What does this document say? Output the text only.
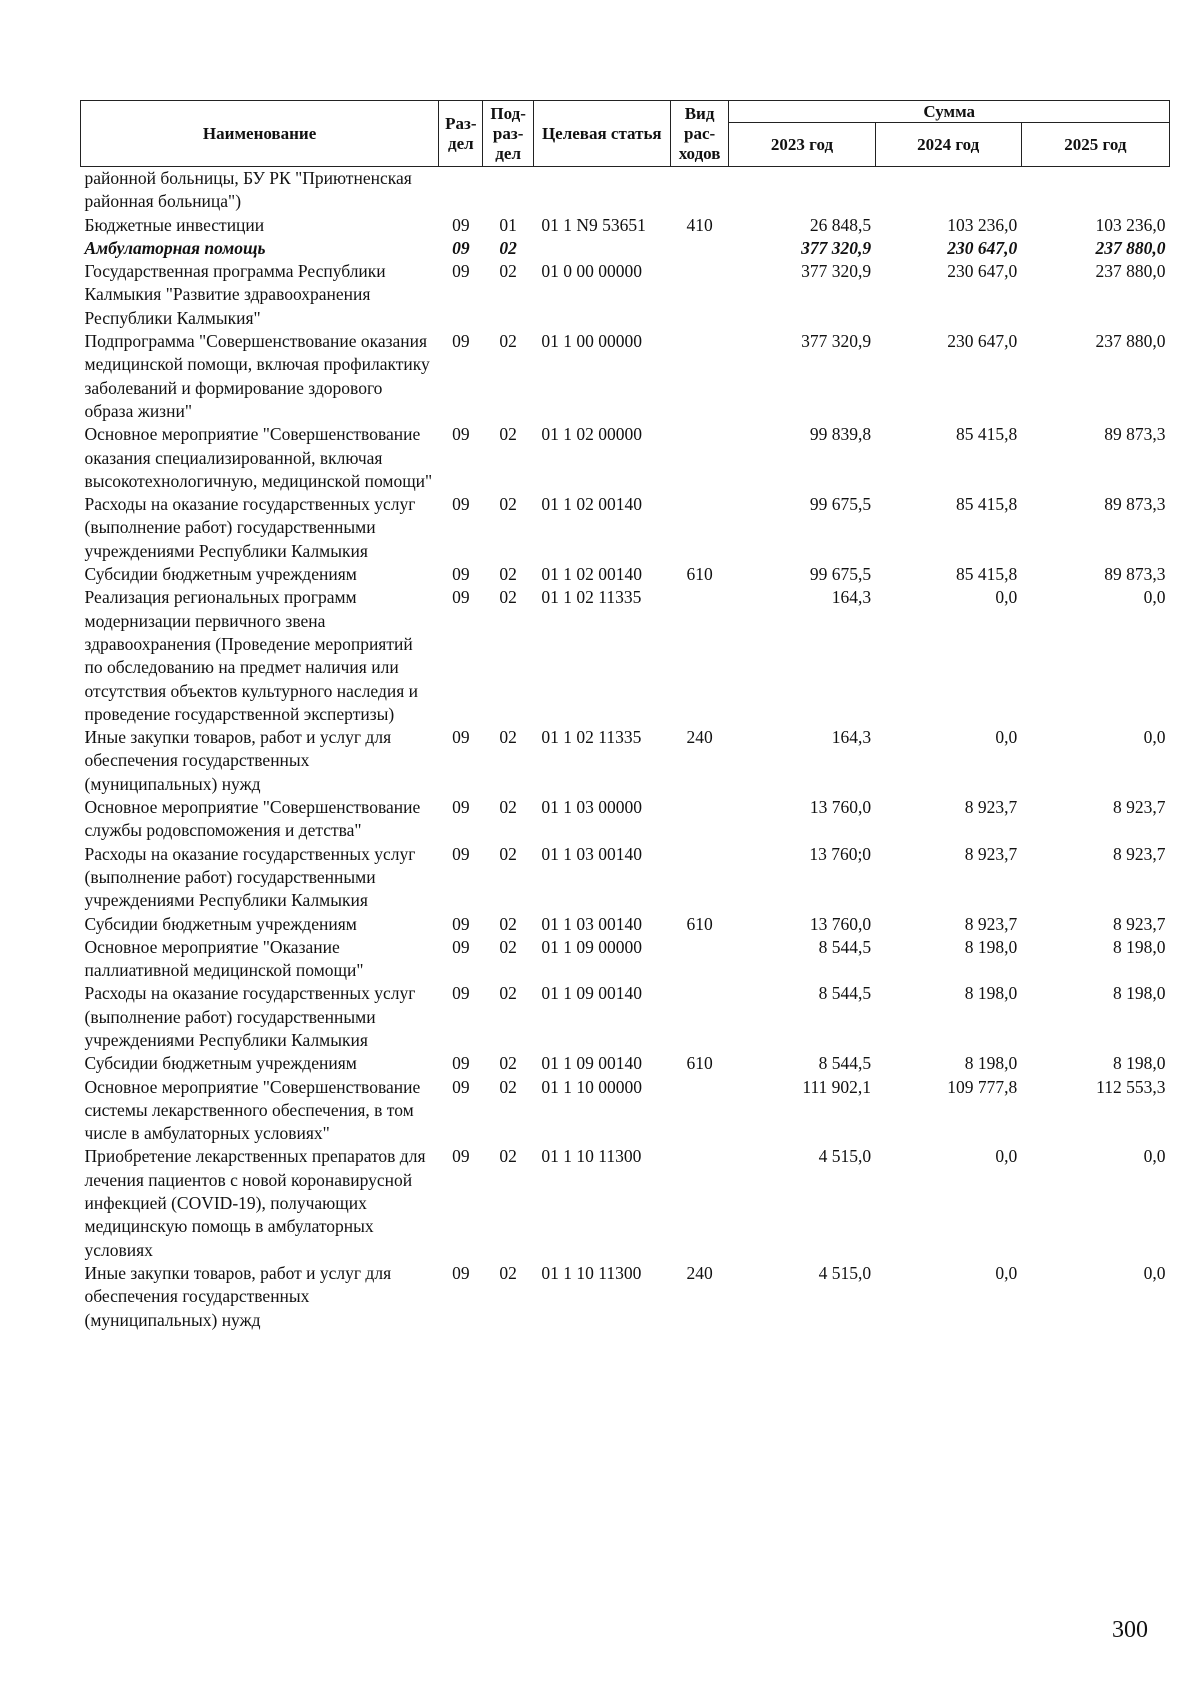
Наименование	Раз-дел	Под-раз-дел	Целевая статья	Вид рас-ходов	Сумма		
					2023 год	2024 год	2025 год
районной больницы, БУ РК "Приютненская районная больница")							
Бюджетные инвестиции	09	01	01 1 N9 53651	410	26 848,5	103 236,0	103 236,0
Амбулаторная помощь	09	02			377 320,9	230 647,0	237 880,0
Государственная программа Республики Калмыкия "Развитие здравоохранения Республики Калмыкия"	09	02	01 0 00 00000		377 320,9	230 647,0	237 880,0
Подпрограмма "Совершенствование оказания медицинской помощи, включая профилактику заболеваний и формирование здорового образа жизни"	09	02	01 1 00 00000		377 320,9	230 647,0	237 880,0
Основное мероприятие "Совершенствование оказания специализированной, включая высокотехнологичную, медицинской помощи"	09	02	01 1 02 00000		99 839,8	85 415,8	89 873,3
Расходы на оказание государственных услуг (выполнение работ) государственными учреждениями Республики Калмыкия	09	02	01 1 02 00140		99 675,5	85 415,8	89 873,3
Субсидии бюджетным учреждениям	09	02	01 1 02 00140	610	99 675,5	85 415,8	89 873,3
Реализация региональных программ модернизации первичного звена здравоохранения (Проведение мероприятий по обследованию на предмет наличия или отсутствия объектов культурного наследия и проведение государственной экспертизы)	09	02	01 1 02 11335		164,3	0,0	0,0
Иные закупки товаров, работ и услуг для обеспечения государственных (муниципальных) нужд	09	02	01 1 02 11335	240	164,3	0,0	0,0
Основное мероприятие "Совершенствование службы родовспоможения и детства"	09	02	01 1 03 00000		13 760,0	8 923,7	8 923,7
Расходы на оказание государственных услуг (выполнение работ) государственными учреждениями Республики Калмыкия	09	02	01 1 03 00140		13 760;0	8 923,7	8 923,7
Субсидии бюджетным учреждениям	09	02	01 1 03 00140	610	13 760,0	8 923,7	8 923,7
Основное мероприятие "Оказание паллиативной медицинской помощи"	09	02	01 1 09 00000		8 544,5	8 198,0	8 198,0
Расходы на оказание государственных услуг (выполнение работ) государственными учреждениями Республики Калмыкия	09	02	01 1 09 00140		8 544,5	8 198,0	8 198,0
Субсидии бюджетным учреждениям	09	02	01 1 09 00140	610	8 544,5	8 198,0	8 198,0
Основное мероприятие "Совершенствование системы лекарственного обеспечения, в том числе в амбулаторных условиях"	09	02	01 1 10 00000		111 902,1	109 777,8	112 553,3
Приобретение лекарственных препаратов для лечения пациентов с новой коронавирусной инфекцией (COVID-19), получающих медицинскую помощь в амбулаторных условиях	09	02	01 1 10 11300		4 515,0	0,0	0,0
Иные закупки товаров, работ и услуг для обеспечения государственных (муниципальных) нужд	09	02	01 1 10 11300	240	4 515,0	0,0	0,0
300
